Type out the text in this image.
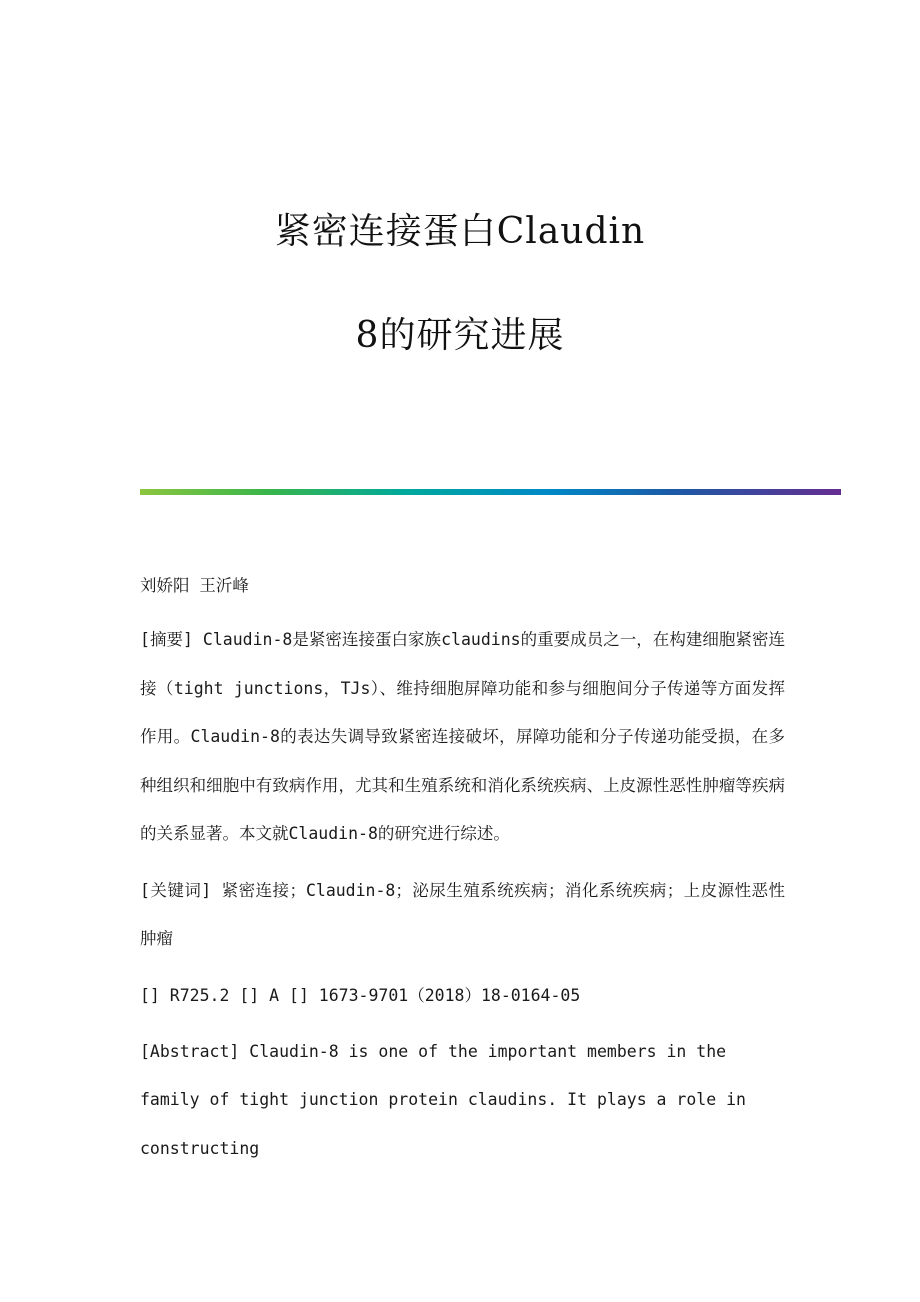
紧密连接蛋白Claudin

8的研究进展

刘娇阳 王沂峰

[摘要] Claudin-8是紧密连接蛋白家族claudins的重要成员之一，在构建细胞紧密连接（tight junctions，TJs）、维持细胞屏障功能和参与细胞间分子传递等方面发挥作用。Claudin-8的表达失调导致紧密连接破坏，屏障功能和分子传递功能受损，在多种组织和细胞中有致病作用，尤其和生殖系统和消化系统疾病、上皮源性恶性肿瘤等疾病的关系显著。本文就Claudin-8的研究进行综述。

[关键词] 紧密连接；Claudin-8；泌尿生殖系统疾病；消化系统疾病；上皮源性恶性肿瘤

[] R725.2 [] A [] 1673-9701（2018）18-0164-05

[Abstract] Claudin-8 is one of the important members in the family of tight junction protein claudins. It plays a role in constructing
